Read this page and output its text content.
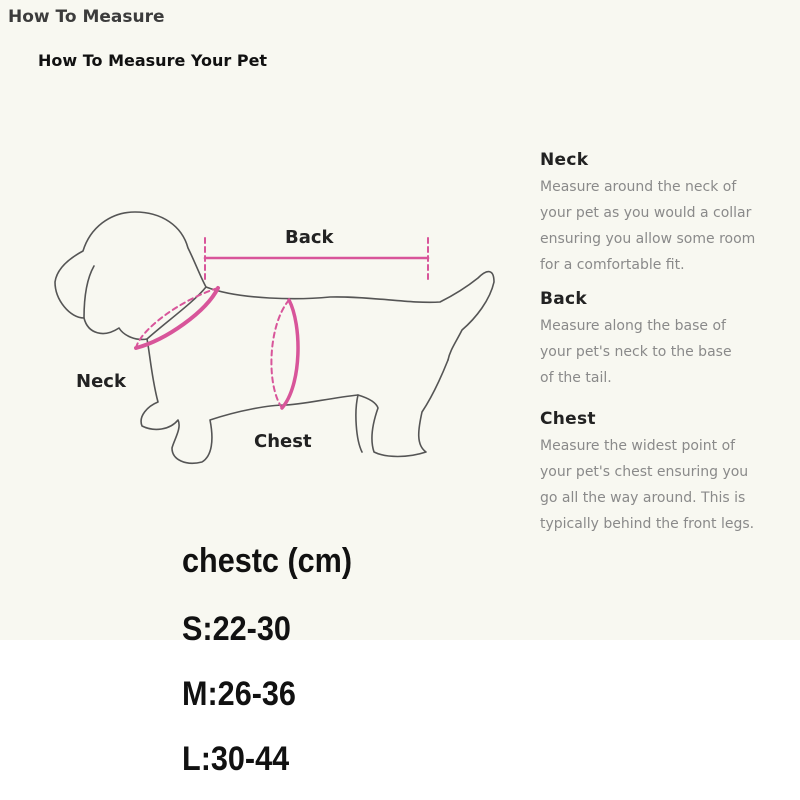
How To Measure
How To Measure Your Pet
Back
Neck
Chest
Neck

Measure around the neck of

your pet as you would a collar

ensuring you allow some room

for a comfortable fit.

Back

Measure along the base of

your pet's neck to the base

of the tail.

Chest

Measure the widest point of

your pet's chest ensuring you

go all the way around. This is

typically behind the front legs.

chestc (cm)

S:22-30

M:26-36

L:30-44
